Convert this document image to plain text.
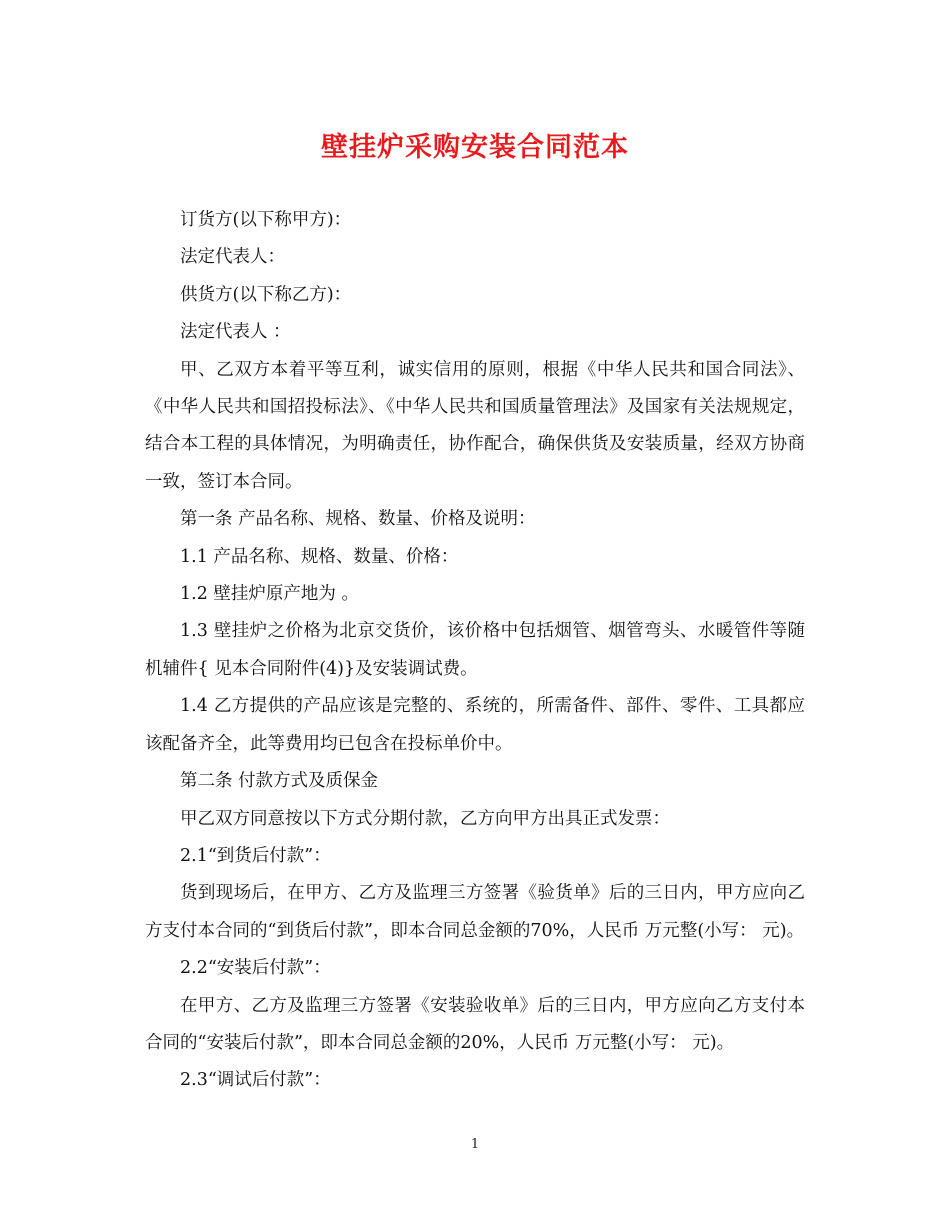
壁挂炉采购安装合同范本

订货方(以下称甲方)：

法定代表人：

供货方(以下称乙方)：

法定代表人 ：

甲、乙双方本着平等互利，诚实信用的原则，根据《中华人民共和国合同法》、《中华人民共和国招投标法》、《中华人民共和国质量管理法》及国家有关法规规定，结合本工程的具体情况，为明确责任，协作配合，确保供货及安装质量，经双方协商一致，签订本合同。

第一条 产品名称、规格、数量、价格及说明：

1.1 产品名称、规格、数量、价格：

1.2 壁挂炉原产地为 。

1.3 壁挂炉之价格为北京交货价，该价格中包括烟管、烟管弯头、水暖管件等随机辅件{ 见本合同附件(4)}及安装调试费。

1.4 乙方提供的产品应该是完整的、系统的，所需备件、部件、零件、工具都应该配备齐全，此等费用均已包含在投标单价中。

第二条 付款方式及质保金

甲乙双方同意按以下方式分期付款，乙方向甲方出具正式发票：

2.1“到货后付款”：

货到现场后，在甲方、乙方及监理三方签署《验货单》后的三日内，甲方应向乙方支付本合同的“到货后付款”，即本合同总金额的70%，人民币 万元整(小写： 元)。

2.2“安装后付款”：

在甲方、乙方及监理三方签署《安装验收单》后的三日内，甲方应向乙方支付本合同的“安装后付款”，即本合同总金额的20%，人民币 万元整(小写： 元)。

2.3“调试后付款”：

1
